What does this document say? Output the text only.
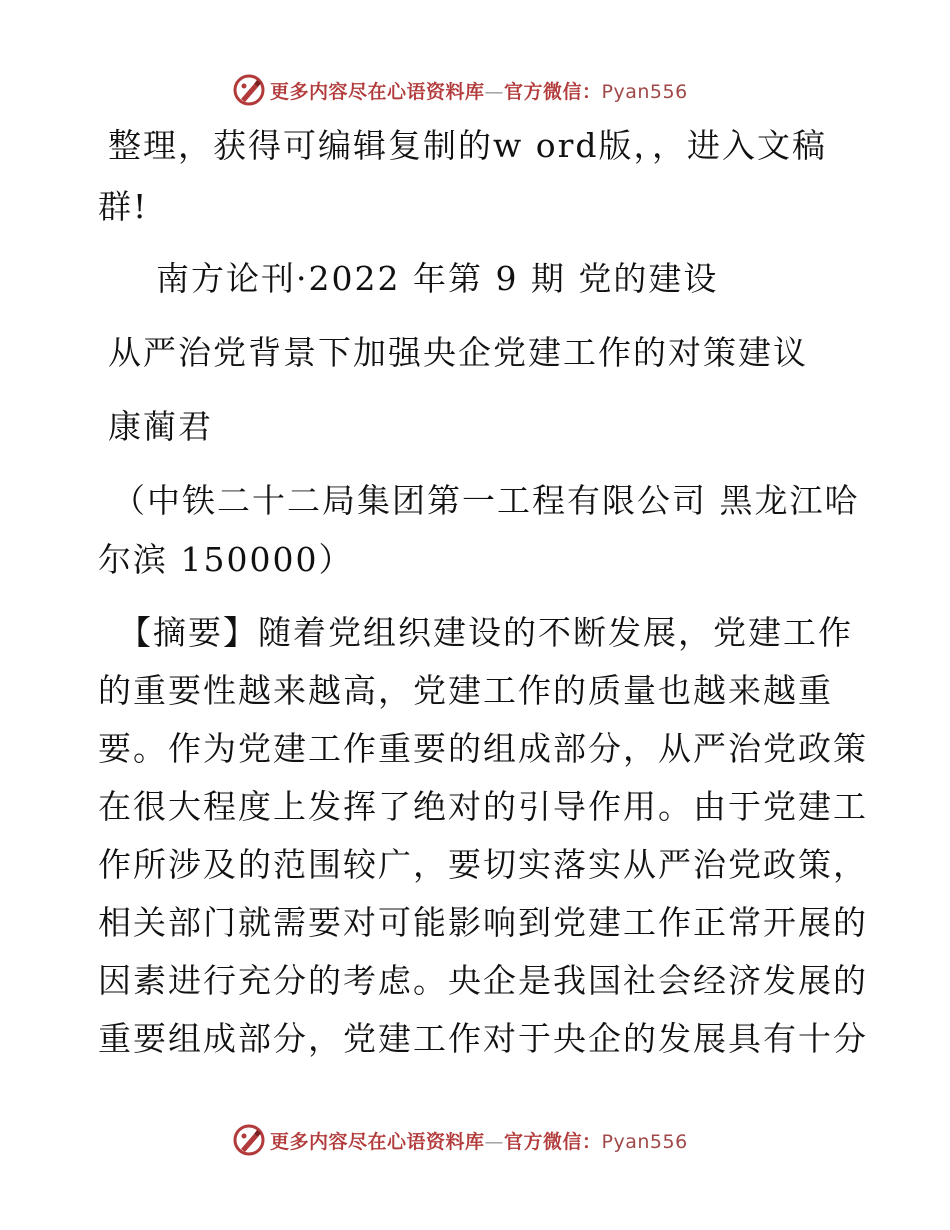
更多内容尽在心语资料库—官方微信：Pyan556
整理，获得可编辑复制的w ord版，，进入文稿
群!
南方论刊·2022 年第 9 期 党的建设
从严治党背景下加强央企党建工作的对策建议
康蔺君
（中铁二十二局集团第一工程有限公司 黑龙江哈
尔滨 150000）
【摘要】随着党组织建设的不断发展，党建工作
的重要性越来越高，党建工作的质量也越来越重
要。作为党建工作重要的组成部分，从严治党政策
在很大程度上发挥了绝对的引导作用。由于党建工
作所涉及的范围较广，要切实落实从严治党政策，
相关部门就需要对可能影响到党建工作正常开展的
因素进行充分的考虑。央企是我国社会经济发展的
重要组成部分，党建工作对于央企的发展具有十分
更多内容尽在心语资料库—官方微信：Pyan556
